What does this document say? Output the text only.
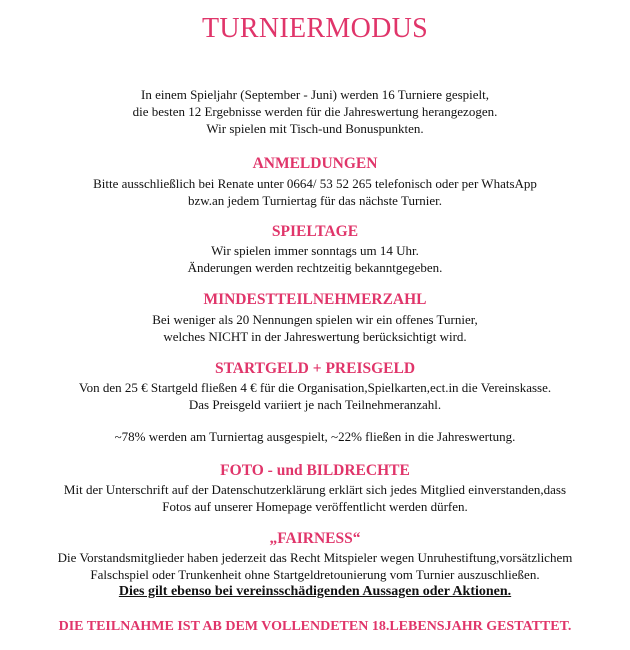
TURNIERMODUS
In einem Spieljahr (September - Juni) werden 16 Turniere gespielt,
die besten 12 Ergebnisse werden für die Jahreswertung herangezogen.
Wir spielen mit Tisch-und Bonuspunkten.
ANMELDUNGEN
Bitte ausschließlich bei Renate unter 0664/ 53 52 265 telefonisch oder per WhatsApp
bzw.an jedem Turniertag für das nächste Turnier.
SPIELTAGE
Wir spielen immer sonntags um 14 Uhr.
Änderungen werden rechtzeitig bekanntgegeben.
MINDESTTEILNEHMERZAHL
Bei weniger als 20 Nennungen spielen wir ein offenes Turnier,
welches NICHT in der Jahreswertung berücksichtigt wird.
STARTGELD + PREISGELD
Von den 25 € Startgeld fließen 4 € für die Organisation,Spielkarten,ect.in die Vereinskasse.
Das Preisgeld variiert je nach Teilnehmeranzahl.
~78% werden am Turniertag ausgespielt, ~22% fließen in die Jahreswertung.
FOTO - und BILDRECHTE
Mit der Unterschrift auf der Datenschutzerklärung erklärt sich jedes Mitglied einverstanden,dass
Fotos auf unserer Homepage veröffentlicht werden dürfen.
„FAIRNESS“
Die Vorstandsmitglieder haben jederzeit das Recht Mitspieler wegen Unruhestiftung,vorsätzlichem
Falschspiel oder Trunkenheit ohne Startgeldretounierung vom Turnier auszuschließen.
Dies gilt ebenso bei vereinsschädigenden Aussagen oder Aktionen.
DIE TEILNAHME IST AB DEM VOLLENDETEN 18.LEBENSJAHR GESTATTET.
